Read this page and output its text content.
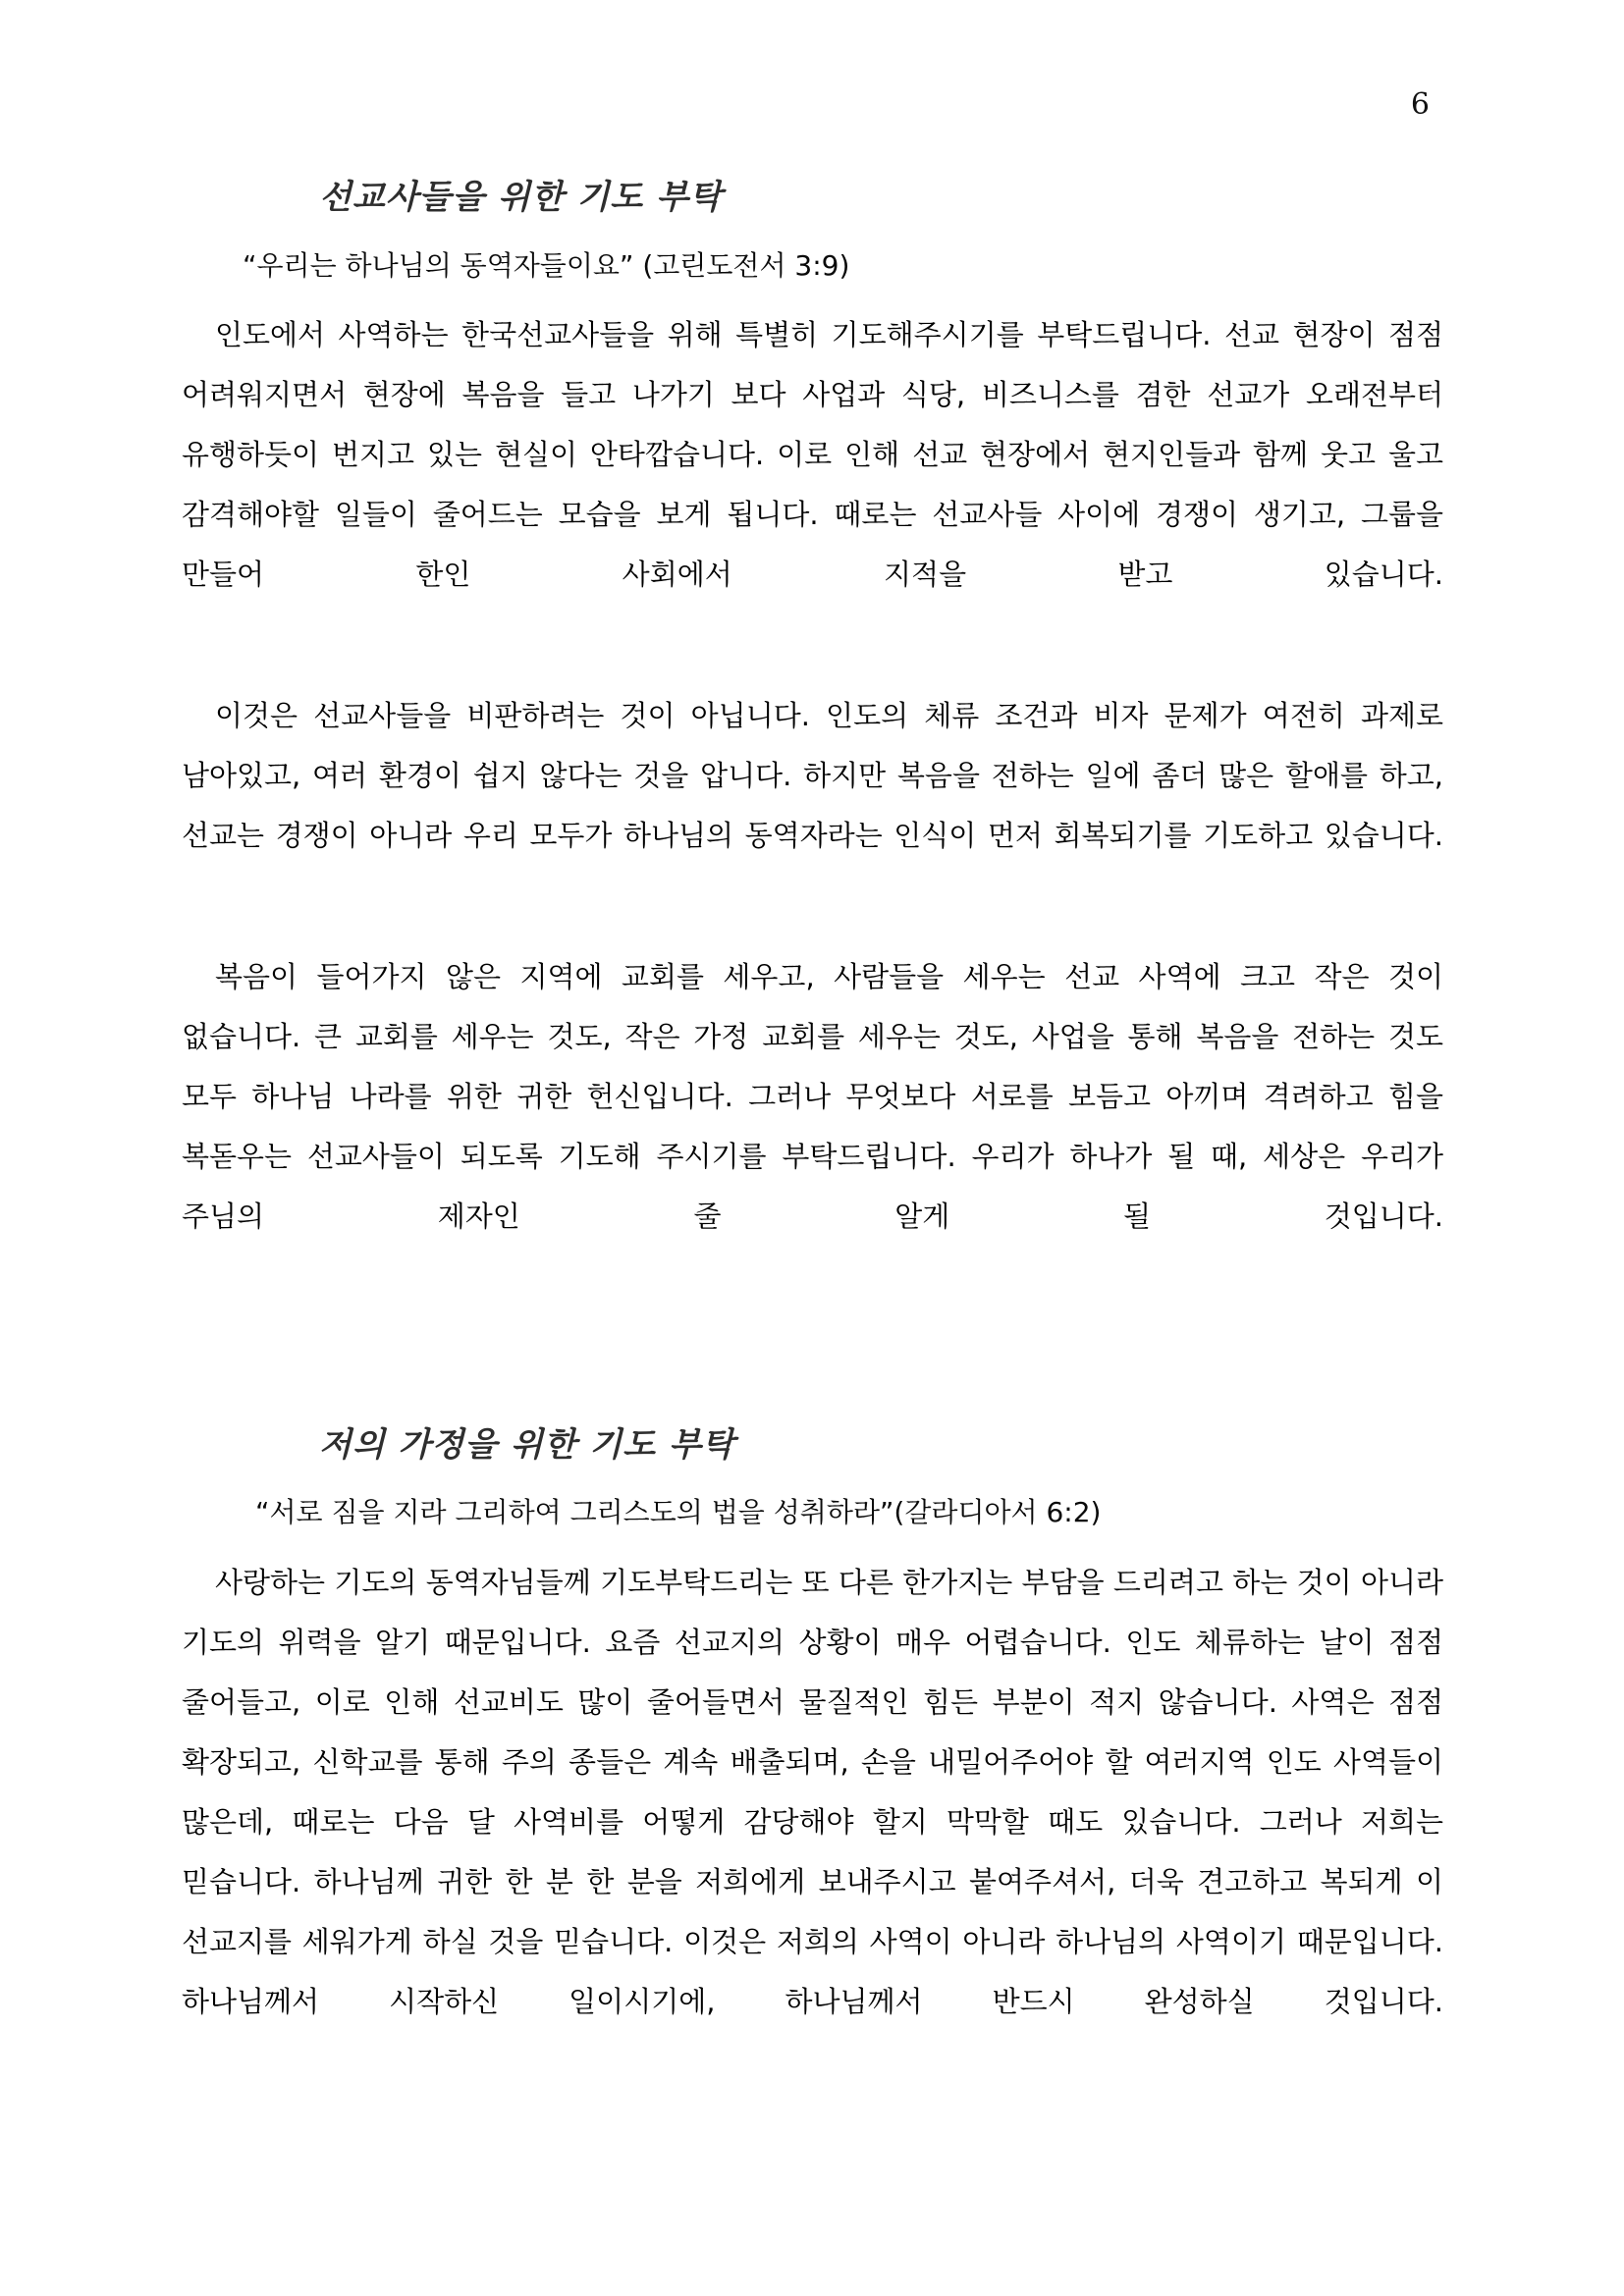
6
선교사들을 위한 기도 부탁

“우리는 하나님의 동역자들이요” (고린도전서 3:9)

인도에서 사역하는 한국선교사들을 위해 특별히 기도해주시기를 부탁드립니다. 선교 현장이 점점 어려워지면서 현장에 복음을 들고 나가기 보다 사업과 식당, 비즈니스를 겸한 선교가 오래전부터 유행하듯이 번지고 있는 현실이 안타깝습니다. 이로 인해 선교 현장에서 현지인들과 함께 웃고 울고 감격해야할 일들이 줄어드는 모습을 보게 됩니다. 때로는 선교사들 사이에 경쟁이 생기고, 그룹을 만들어 한인 사회에서 지적을 받고 있습니다.

이것은 선교사들을 비판하려는 것이 아닙니다. 인도의 체류 조건과 비자 문제가 여전히 과제로 남아있고, 여러 환경이 쉽지 않다는 것을 압니다. 하지만 복음을 전하는 일에 좀더 많은 할애를 하고, 선교는 경쟁이 아니라 우리 모두가 하나님의 동역자라는 인식이 먼저 회복되기를 기도하고 있습니다.

복음이 들어가지 않은 지역에 교회를 세우고, 사람들을 세우는 선교 사역에 크고 작은 것이 없습니다. 큰 교회를 세우는 것도, 작은 가정 교회를 세우는 것도, 사업을 통해 복음을 전하는 것도 모두 하나님 나라를 위한 귀한 헌신입니다. 그러나 무엇보다 서로를 보듬고 아끼며 격려하고 힘을 복돋우는 선교사들이 되도록 기도해 주시기를 부탁드립니다. 우리가 하나가 될 때, 세상은 우리가 주님의 제자인 줄 알게 될 것입니다.

저의 가정을 위한 기도 부탁

“서로 짐을 지라 그리하여 그리스도의 법을 성취하라”(갈라디아서 6:2)

사랑하는 기도의 동역자님들께 기도부탁드리는 또 다른 한가지는 부담을 드리려고 하는 것이 아니라 기도의 위력을 알기 때문입니다. 요즘 선교지의 상황이 매우 어렵습니다. 인도 체류하는 날이 점점 줄어들고, 이로 인해 선교비도 많이 줄어들면서 물질적인 힘든 부분이 적지 않습니다. 사역은 점점 확장되고, 신학교를 통해 주의 종들은 계속 배출되며, 손을 내밀어주어야 할 여러지역 인도 사역들이 많은데, 때로는 다음 달 사역비를 어떻게 감당해야 할지 막막할 때도 있습니다. 그러나 저희는 믿습니다. 하나님께 귀한 한 분 한 분을 저희에게 보내주시고 붙여주셔서, 더욱 견고하고 복되게 이 선교지를 세워가게 하실 것을 믿습니다. 이것은 저희의 사역이 아니라 하나님의 사역이기 때문입니다. 하나님께서 시작하신 일이시기에, 하나님께서 반드시 완성하실 것입니다.
